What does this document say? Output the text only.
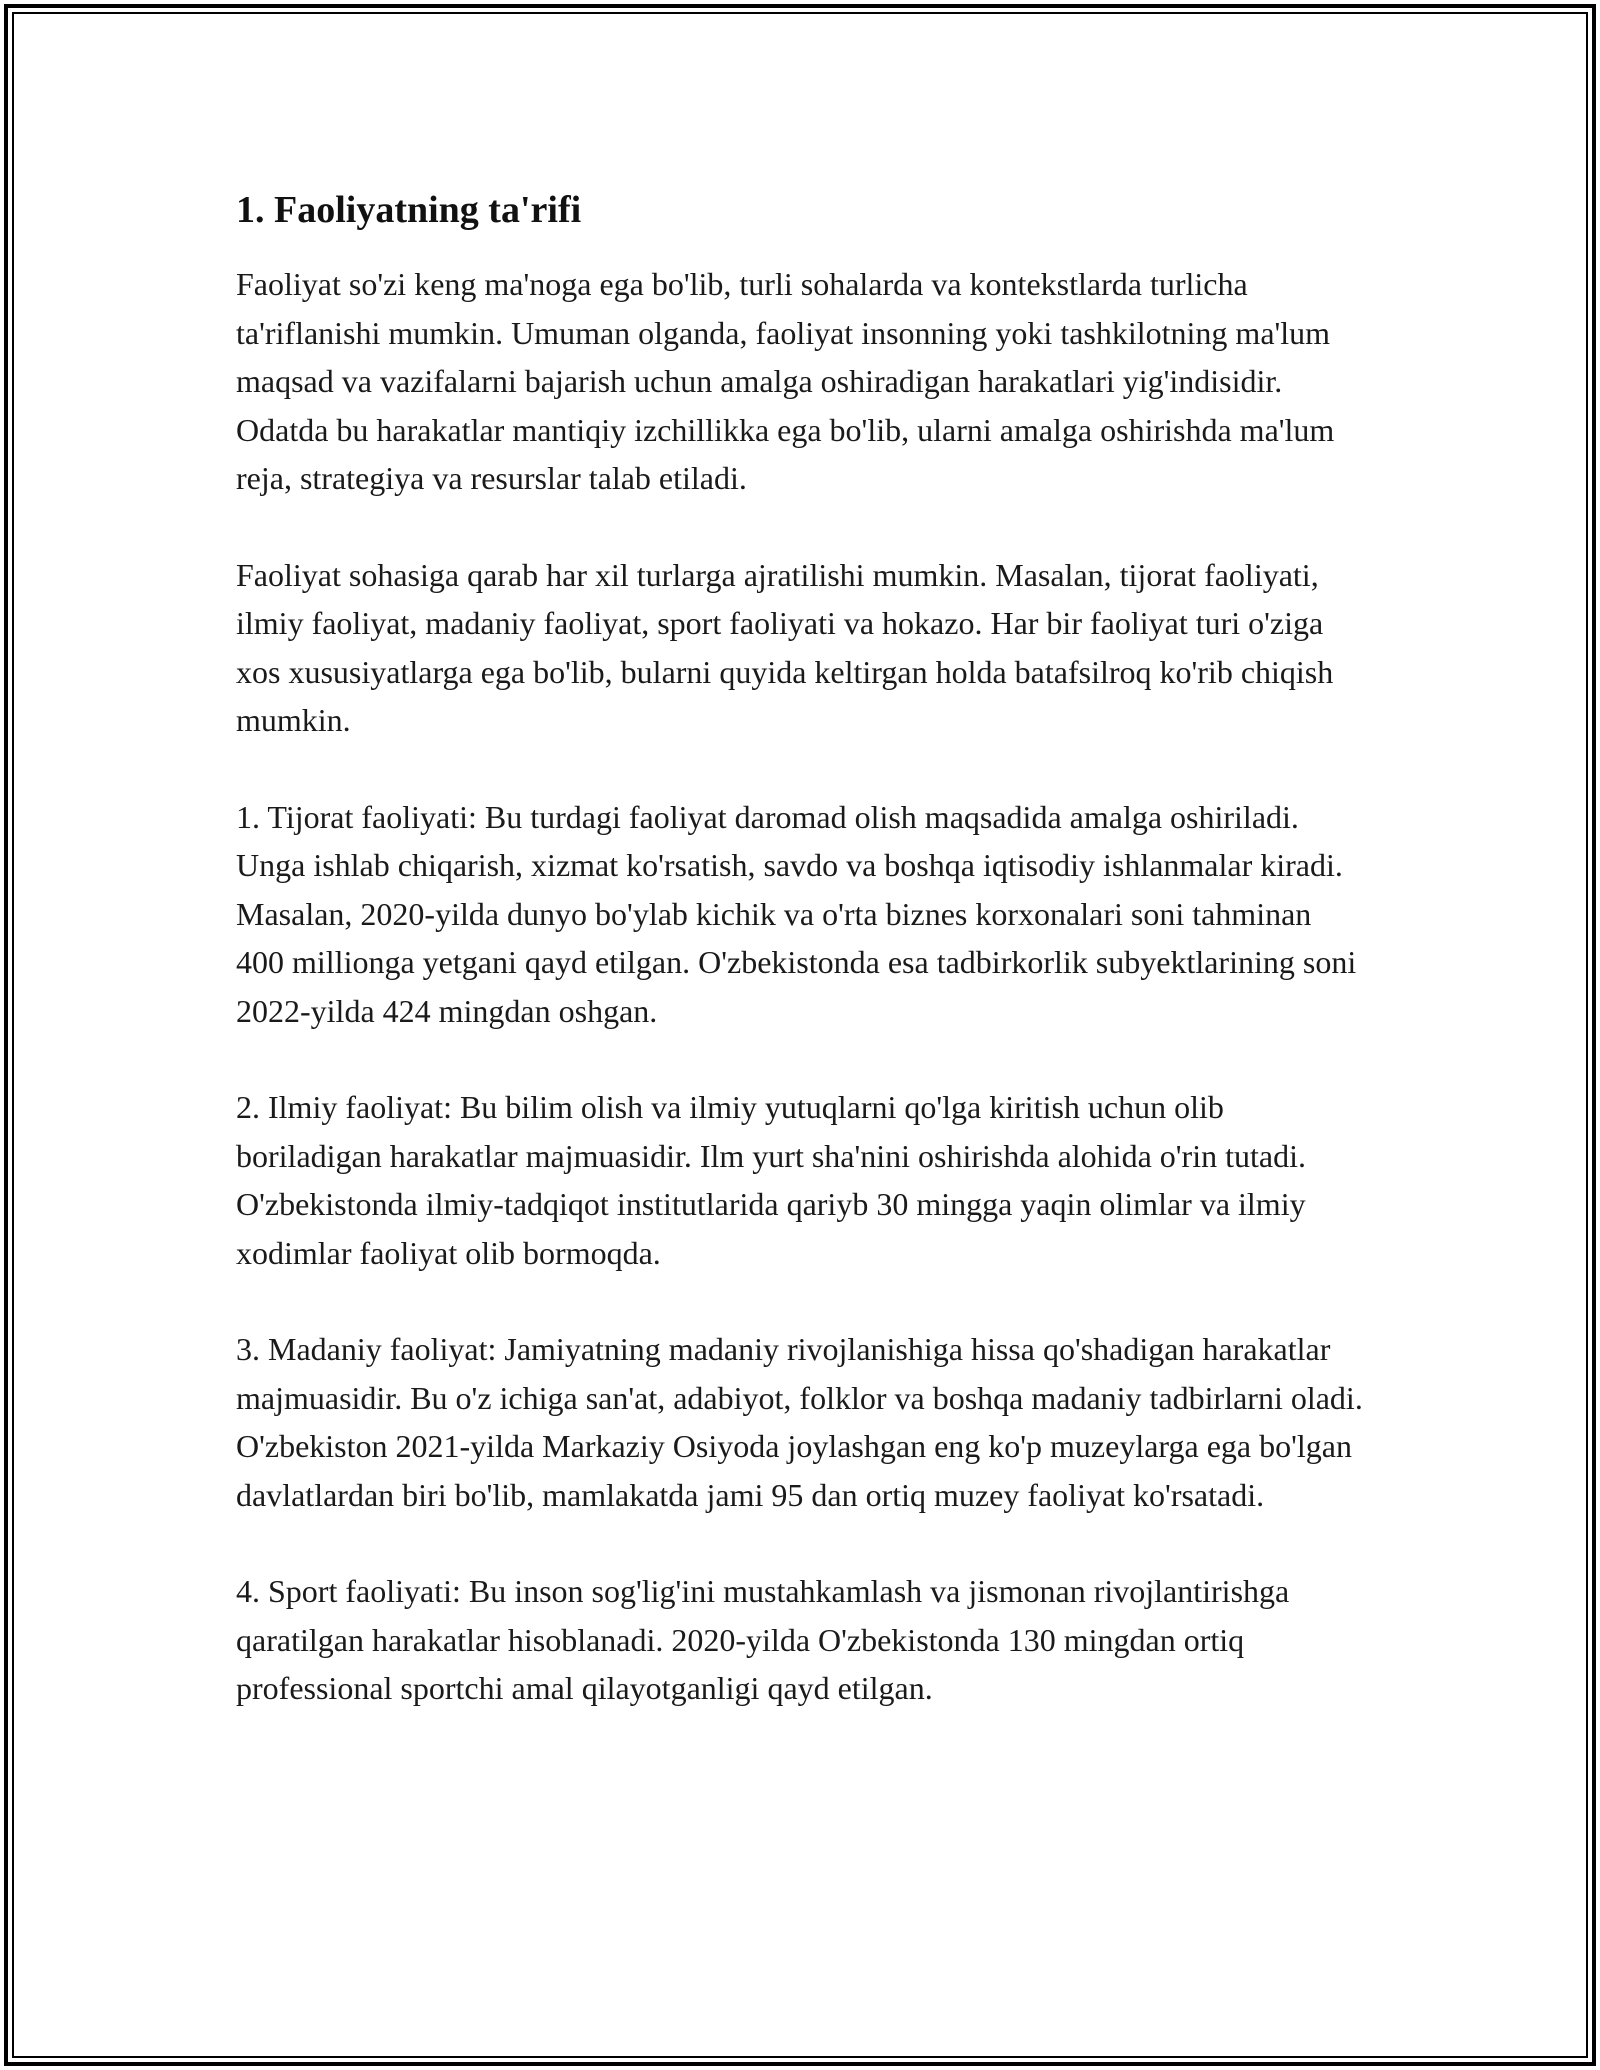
1. Faoliyatning ta'rifi

Faoliyat so'zi keng ma'noga ega bo'lib, turli sohalarda va kontekstlarda turlicha ta'riflanishi mumkin. Umuman olganda, faoliyat insonning yoki tashkilotning ma'lum maqsad va vazifalarni bajarish uchun amalga oshiradigan harakatlari yig'indisidir. Odatda bu harakatlar mantiqiy izchillikka ega bo'lib, ularni amalga oshirishda ma'lum reja, strategiya va resurslar talab etiladi.

Faoliyat sohasiga qarab har xil turlarga ajratilishi mumkin. Masalan, tijorat faoliyati, ilmiy faoliyat, madaniy faoliyat, sport faoliyati va hokazo. Har bir faoliyat turi o'ziga xos xususiyatlarga ega bo'lib, bularni quyida keltirgan holda batafsilroq ko'rib chiqish mumkin.

1. Tijorat faoliyati: Bu turdagi faoliyat daromad olish maqsadida amalga oshiriladi. Unga ishlab chiqarish, xizmat ko'rsatish, savdo va boshqa iqtisodiy ishlanmalar kiradi. Masalan, 2020-yilda dunyo bo'ylab kichik va o'rta biznes korxonalari soni tahminan 400 millionga yetgani qayd etilgan. O'zbekistonda esa tadbirkorlik subyektlarining soni 2022-yilda 424 mingdan oshgan.

2. Ilmiy faoliyat: Bu bilim olish va ilmiy yutuqlarni qo'lga kiritish uchun olib boriladigan harakatlar majmuasidir. Ilm yurt sha'nini oshirishda alohida o'rin tutadi. O'zbekistonda ilmiy-tadqiqot institutlarida qariyb 30 mingga yaqin olimlar va ilmiy xodimlar faoliyat olib bormoqda.

3. Madaniy faoliyat: Jamiyatning madaniy rivojlanishiga hissa qo'shadigan harakatlar majmuasidir. Bu o'z ichiga san'at, adabiyot, folklor va boshqa madaniy tadbirlarni oladi. O'zbekiston 2021-yilda Markaziy Osiyoda joylashgan eng ko'p muzeylarga ega bo'lgan davlatlardan biri bo'lib, mamlakatda jami 95 dan ortiq muzey faoliyat ko'rsatadi.

4. Sport faoliyati: Bu inson sog'lig'ini mustahkamlash va jismonan rivojlantirishga qaratilgan harakatlar hisoblanadi. 2020-yilda O'zbekistonda 130 mingdan ortiq professional sportchi amal qilayotganligi qayd etilgan.
